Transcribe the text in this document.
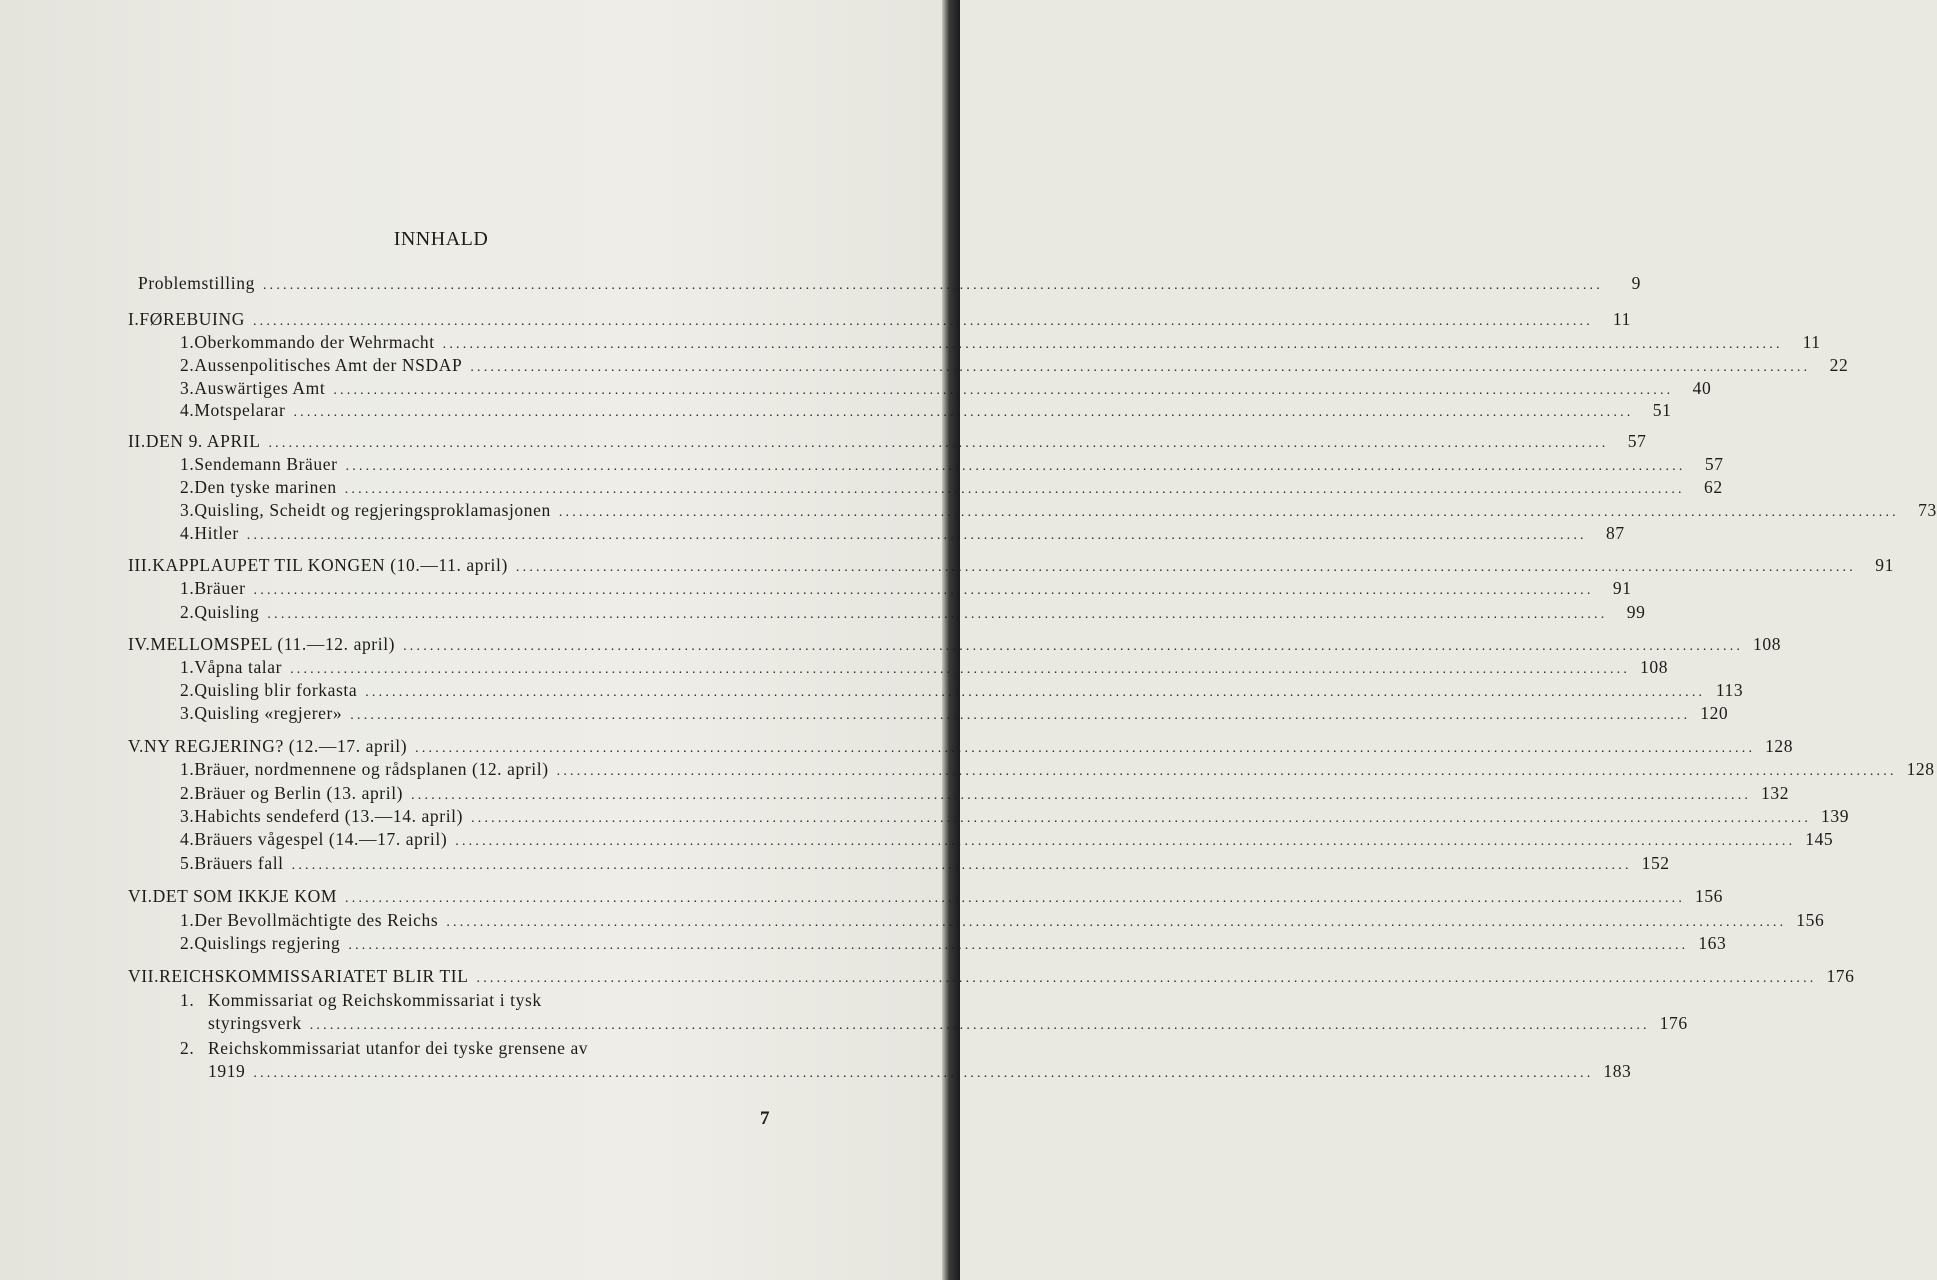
INNHALD
Problemstilling ........................................................................................................................................................................................................	9
I. FØREBUING ........................................................................................................................................................................................................	11
1. Oberkommando der Wehrmacht ........................................................................................................................................................................................................	11
2. Aussenpolitisches Amt der NSDAP ........................................................................................................................................................................................................	22
3. Auswärtiges Amt ........................................................................................................................................................................................................	40
4. Motspelarar ........................................................................................................................................................................................................	51
II. DEN 9. APRIL ........................................................................................................................................................................................................	57
1. Sendemann Bräuer ........................................................................................................................................................................................................	57
2. Den tyske marinen ........................................................................................................................................................................................................	62
3. Quisling, Scheidt og regjeringsproklamasjonen ........................................................................................................................................................................................................	73
4. Hitler ........................................................................................................................................................................................................	87
III. KAPPLAUPET TIL KONGEN (10.—11. april) ........................................................................................................................................................................................................	91
1. Bräuer ........................................................................................................................................................................................................	91
2. Quisling ........................................................................................................................................................................................................	99
IV. MELLOMSPEL (11.—12. april) ........................................................................................................................................................................................................ 108
1. Våpna talar ........................................................................................................................................................................................................ 108
2. Quisling blir forkasta ........................................................................................................................................................................................................ 113
3. Quisling «regjerer» ........................................................................................................................................................................................................ 120
V. NY REGJERING? (12.—17. april) ........................................................................................................................................................................................................ 128
1. Bräuer, nordmennene og rådsplanen (12. april) ........................................................................................................................................................................................................ 128
2. Bräuer og Berlin (13. april) ........................................................................................................................................................................................................ 132
3. Habichts sendeferd (13.—14. april) ........................................................................................................................................................................................................ 139
4. Bräuers vågespel (14.—17. april) ........................................................................................................................................................................................................ 145
5. Bräuers fall ........................................................................................................................................................................................................ 152
VI. DET SOM IKKJE KOM ........................................................................................................................................................................................................ 156
1. Der Bevollmächtigte des Reichs ........................................................................................................................................................................................................ 156
2. Quislings regjering ........................................................................................................................................................................................................ 163
VII. REICHSKOMMISSARIATET BLIR TIL ........................................................................................................................................................................................................ 176
1. Kommissariat og Reichskommissariat i tysk
styringsverk ........................................................................................................................................................................................................ 176
2. Reichskommissariat utanfor dei tyske grensene av
1919 ........................................................................................................................................................................................................ 183
7
